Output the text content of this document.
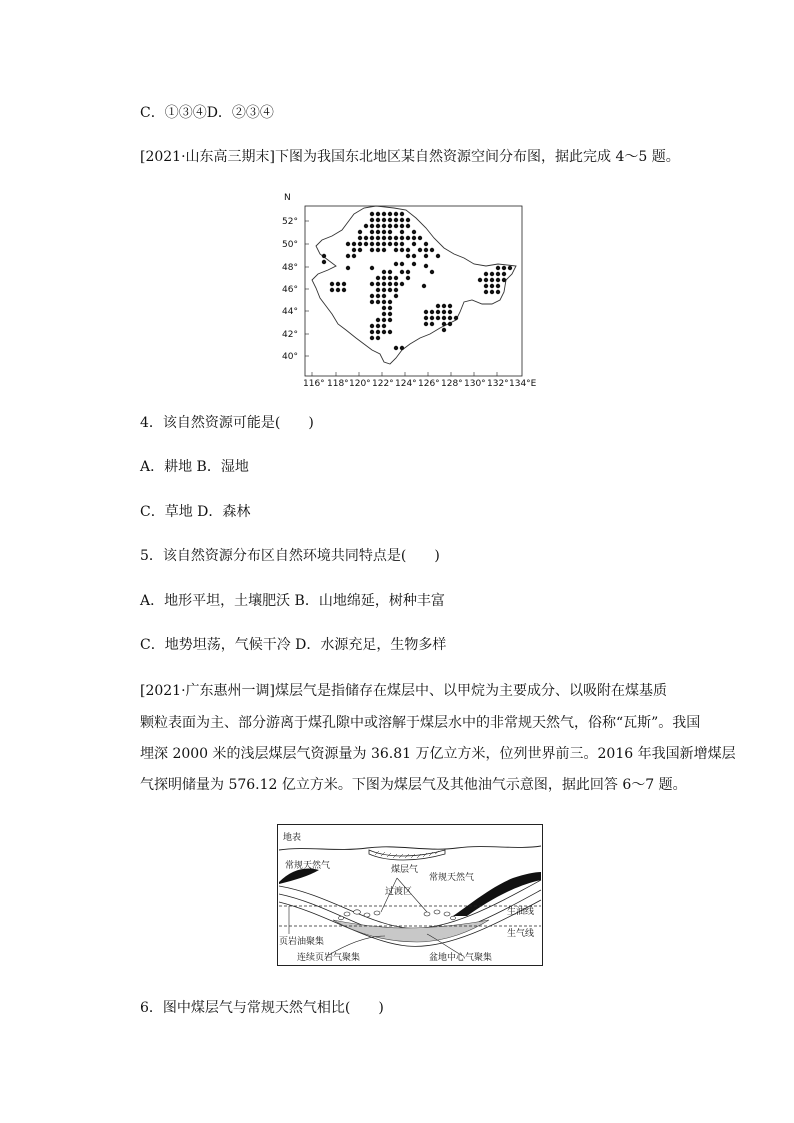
C．①③④D．②③④
[2021·山东高三期末]下图为我国东北地区某自然资源空间分布图，据此完成 4～5 题。
N
52°
50°
48°
46°
44°
42°
40°
116° 118° 120° 122° 124° 126° 128° 130° 132° 134°E
4．该自然资源可能是(　　)
A．耕地 B．湿地
C．草地 D．森林
5．该自然资源分布区自然环境共同特点是(　　)
A．地形平坦，土壤肥沃 B．山地绵延，树种丰富
C．地势坦荡，气候干冷 D．水源充足，生物多样
[2021·广东惠州一调]煤层气是指储存在煤层中、以甲烷为主要成分、以吸附在煤基质
颗粒表面为主、部分游离于煤孔隙中或溶解于煤层水中的非常规天然气，俗称“瓦斯”。我国
埋深 2000 米的浅层煤层气资源量为 36.81 万亿立方米，位列世界前三。2016 年我国新增煤层
气探明储量为 576.12 亿立方米。下图为煤层气及其他油气示意图，据此回答 6～7 题。
地表
常规天然气	煤层气
常规天然气
过渡区
生油线
生气线
页岩油聚集
连续页岩气聚集	盆地中心气聚集
6．图中煤层气与常规天然气相比(　　)
